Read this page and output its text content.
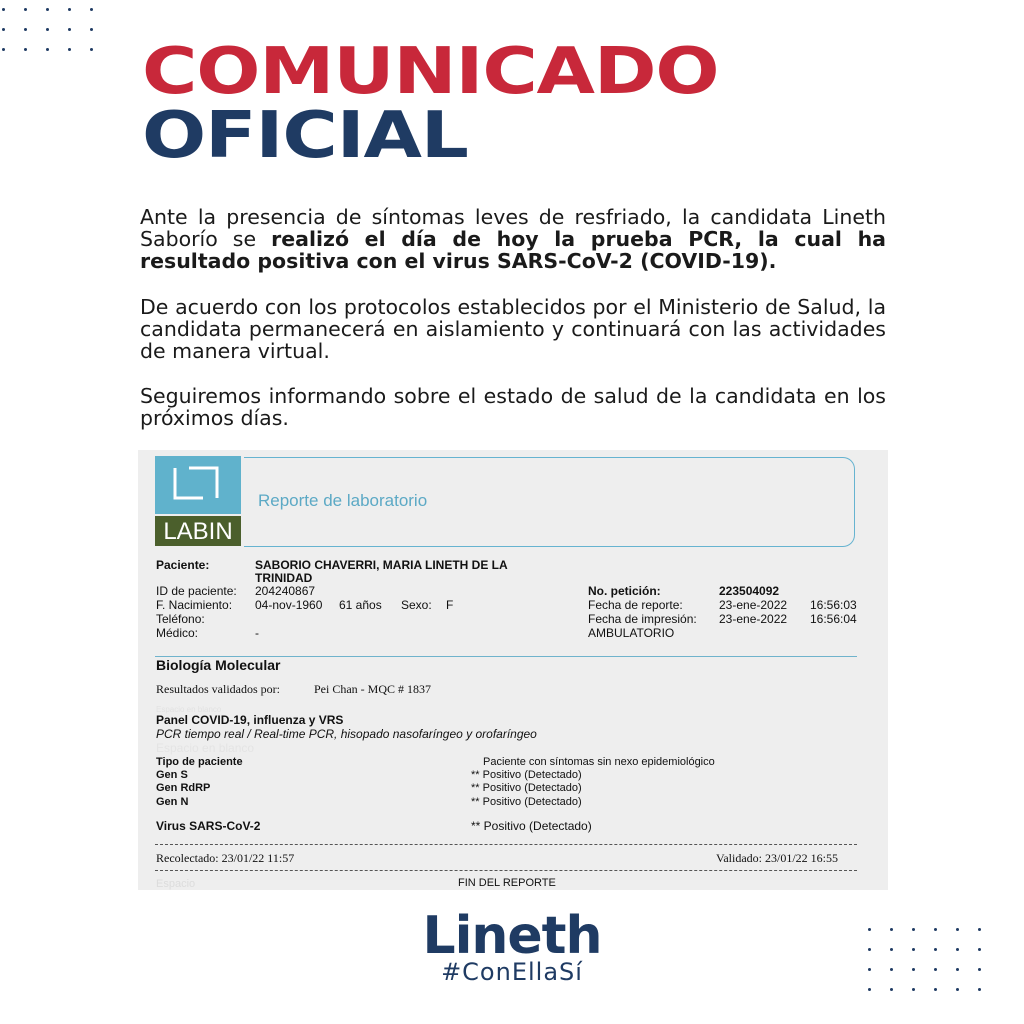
COMUNICADO
OFICIAL
Ante la presencia de síntomas leves de resfriado, la candidata Lineth Saborío se realizó el día de hoy la prueba PCR, la cual ha resultado positiva con el virus SARS-CoV-2 (COVID-19).
De acuerdo con los protocolos establecidos por el Ministerio de Salud, la candidata permanecerá en aislamiento y continuará con las actividades de manera virtual.
Seguiremos informando sobre el estado de salud de la candidata en los próximos días.
LABIN
Reporte de laboratorio
Paciente:	SABORIO CHAVERRI, MARIA LINETH DE LA
TRINIDAD
ID de paciente: 204240867
F. Nacimiento: 04-nov-1960 61 años Sexo: F
Teléfono:
Médico:	-
No. petición:	223504092
Fecha de reporte:	23-ene-2022 16:56:03
Fecha de impresión: 23-ene-2022 16:56:04
AMBULATORIO
Biología Molecular
Resultados validados por:	Pei Chan - MQC # 1837
Espacio en blanco
Panel COVID-19, influenza y VRS
PCR tiempo real / Real-time PCR, hisopado nasofaríngeo y orofaríngeo
Espacio en blanco
Tipo de paciente	Paciente con síntomas sin nexo epidemiológico
Gen S	** Positivo (Detectado)
Gen RdRP	** Positivo (Detectado)
Gen N	** Positivo (Detectado)
Virus SARS-CoV-2	** Positivo (Detectado)
Recolectado: 23/01/22 11:57	Validado: 23/01/22 16:55
Espacio	FIN DEL REPORTE
Lineth
#ConEllaSí
